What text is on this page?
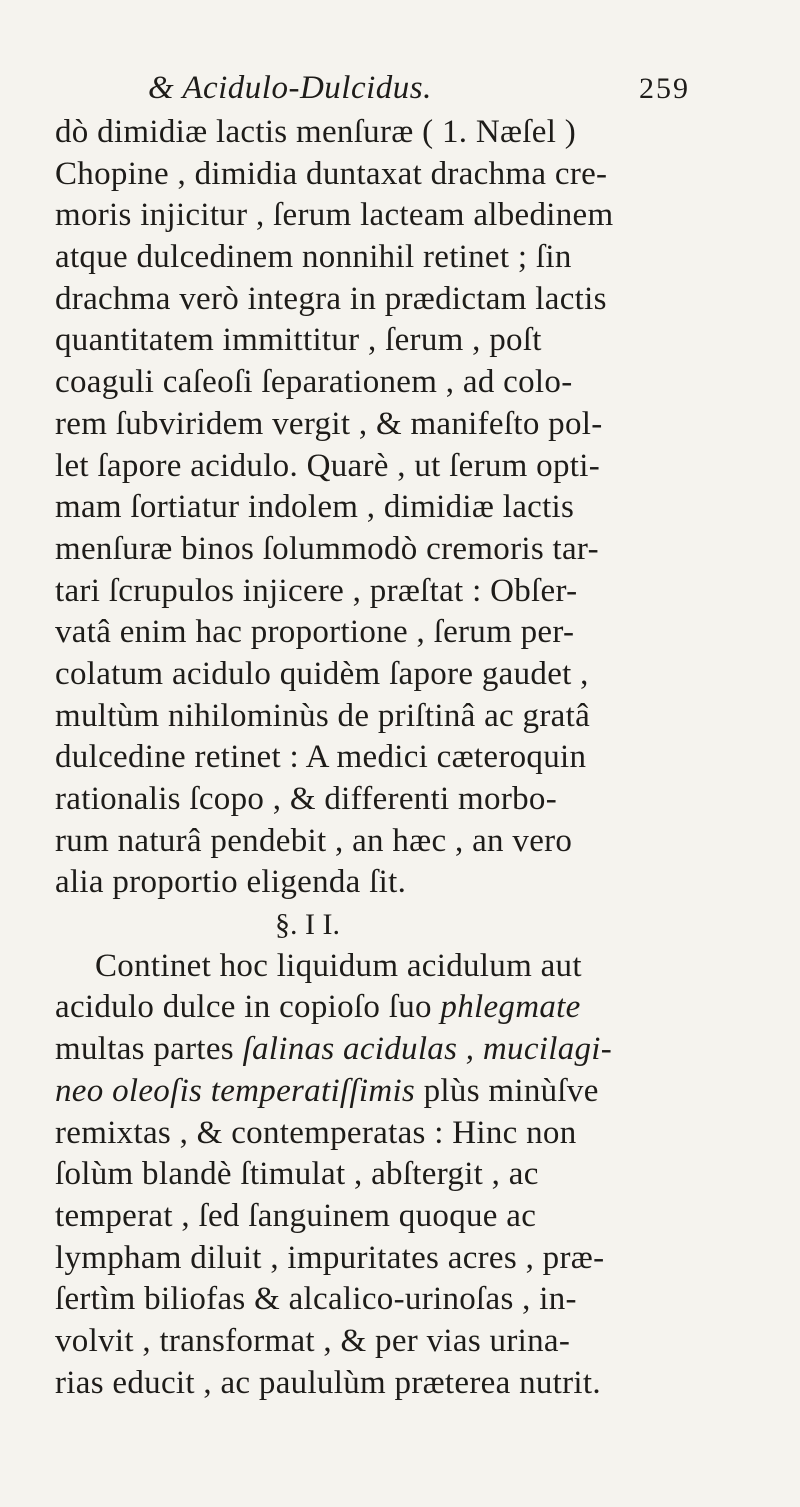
& Acidulo-Dulcidus.	259
dò dimidiæ lactis menſuræ ( 1. Næſel )
Chopine , dimidia duntaxat drachma cre-
moris injicitur , ſerum lacteam albedinem
atque dulcedinem nonnihil retinet ; ſin
drachma verò integra in prædictam lactis
quantitatem immittitur , ſerum , poſt
coaguli caſeoſi ſeparationem , ad colo-
rem ſubviridem vergit , & manifeſto pol-
let ſapore acidulo. Quarè , ut ſerum opti-
mam ſortiatur indolem , dimidiæ lactis
menſuræ binos ſolummodò cremoris tar-
tari ſcrupulos injicere , præſtat : Obſer-
vatâ enim hac proportione , ſerum per-
colatum acidulo quidèm ſapore gaudet ,
multùm nihilominùs de priſtinâ ac gratâ
dulcedine retinet : A medici cæteroquin
rationalis ſcopo , & differenti morbo-
rum naturâ pendebit , an hæc , an vero
alia proportio eligenda ſit.
§. I I.
Continet hoc liquidum acidulum aut
acidulo dulce in copioſo ſuo phlegmate
multas partes ſalinas acidulas , mucilagi-
neo oleoſis temperatiſſimis plùs minùſve
remixtas , & contemperatas : Hinc non
ſolùm blandè ſtimulat , abſtergit , ac
temperat , ſed ſanguinem quoque ac
lympham diluit , impuritates acres , præ-
ſertìm biliofas & alcalico-urinoſas , in-
volvit , transformat , & per vias urina-
rias educit , ac paululùm præterea nutrit.
